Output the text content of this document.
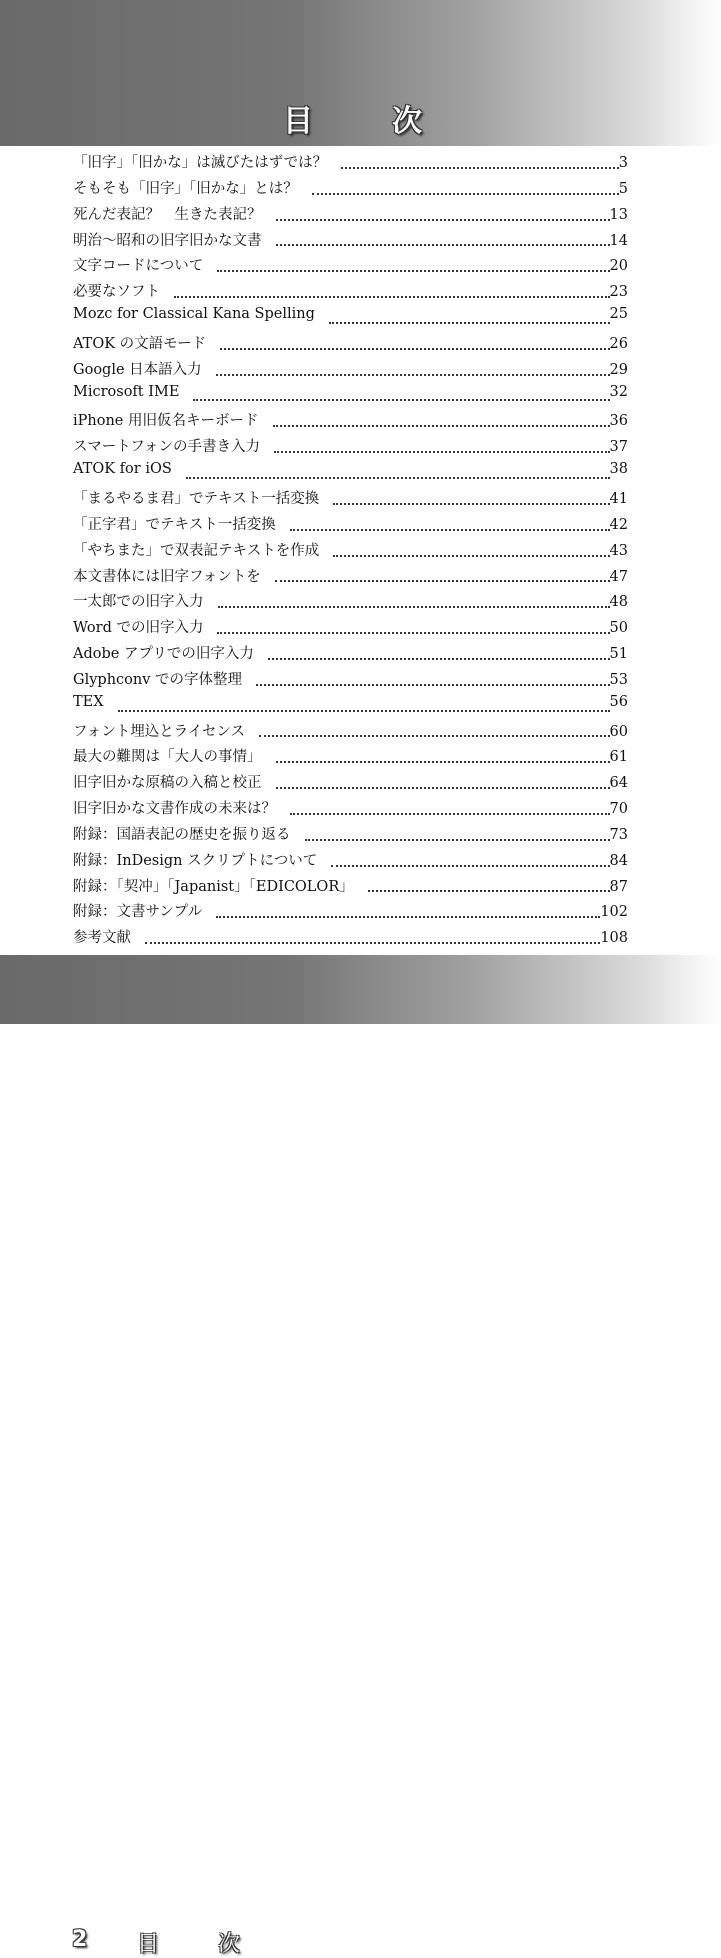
目	次
「旧字」「旧かな」は滅びたはずでは？	3
そもそも「旧字」「旧かな」とは？	5
死んだ表記？　生きた表記？	13
明治〜昭和の旧字旧かな文書	14
文字コードについて	20
必要なソフト	23
Mozc for Classical Kana Spelling	25
ATOK の文語モード	26
Google 日本語入力	29
Microsoft IME	32
iPhone 用旧仮名キーボード	36
スマートフォンの手書き入力	37
ATOK for iOS	38
「まるやるま君」でテキスト一括変換	41
「正字君」でテキスト一括変換	42
「やちまた」で双表記テキストを作成	43
本文書体には旧字フォントを	47
一太郎での旧字入力	48
Word での旧字入力	50
Adobe アプリでの旧字入力	51
Glyphconv での字体整理	53
TEX	56
フォント埋込とライセンス	60
最大の難関は「大人の事情」	61
旧字旧かな原稿の入稿と校正	64
旧字旧かな文書作成の未来は？	70
附録：国語表記の歴史を振り返る	73
附録：InDesign スクリプトについて	84
附録：「契冲」「Japanist」「EDICOLOR」	87
附録：文書サンプル	102
参考文献	108
2 目	次
